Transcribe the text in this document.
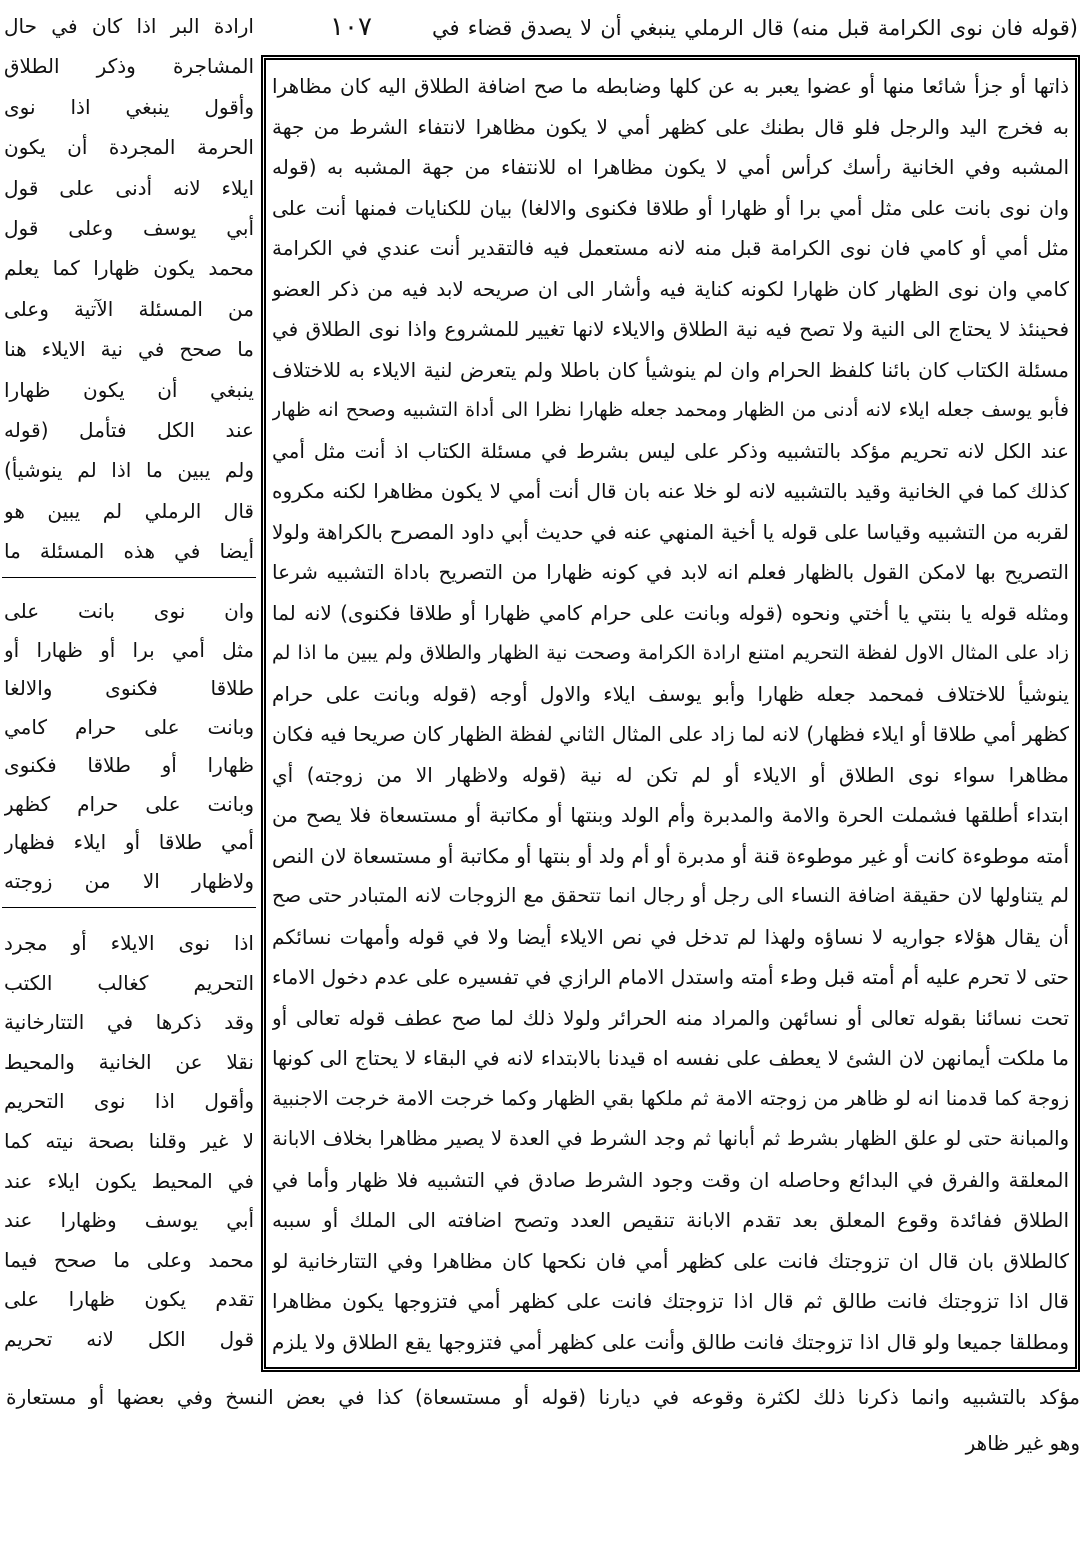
(قوله فان نوى الكرامة قبل منه) قال الرملي ينبغي أن لا يصدق قضاء في
١٠٧
ارادة البر اذا كان في حال
المشاجرة وذكر الطلاق
وأقول ينبغي اذا نوى
الحرمة المجردة أن يكون
ايلاء لانه أدنى على قول
أبي يوسف وعلى قول
محمد يكون ظهارا كما يعلم
من المسئلة الآتية وعلى
ما صحح في نية الايلاء هنا
ينبغي أن يكون ظهارا
عند الكل فتأمل (قوله
ولم يبين ما اذا لم ينوشيأ)
قال الرملي لم يبين هو
أيضا في هذه المسئلة ما
وان نوى بانت على
مثل أمي برا أو ظهارا أو
طلاقا فكنوى والالغا
وبانت على حرام كامي
ظهارا أو طلاقا فكنوى
وبانت على حرام كظهر
أمي طلاقا أو ايلاء فظهار
ولاظهار الا من زوجته
اذا نوى الايلاء أو مجرد
التحريم كغالب الكتب
وقد ذكرها في التتارخانية
نقلا عن الخانية والمحيط
وأقول اذا نوى التحريم
لا غير وقلنا بصحة نيته كما
في المحيط يكون ايلاء عند
أبي يوسف وظهارا عند
محمد وعلى ما صحح فيما
تقدم يكون ظهارا على
قول الكل لانه تحريم
ذاتها أو جزأ شائعا منها أو عضوا يعبر به عن كلها وضابطه ما صح اضافة الطلاق اليه كان مظاهرا
به فخرج اليد والرجل فلو قال بطنك على كظهر أمي لا يكون مظاهرا لانتفاء الشرط من جهة
المشبه وفي الخانية رأسك كرأس أمي لا يكون مظاهرا اه للانتفاء من جهة المشبه به (قوله
وان نوى بانت على مثل أمي برا أو ظهارا أو طلاقا فكنوى والالغا) بيان للكنايات فمنها أنت على
مثل أمي أو كامي فان نوى الكرامة قبل منه لانه مستعمل فيه فالتقدير أنت عندي في الكرامة
كامي وان نوى الظهار كان ظهارا لكونه كناية فيه وأشار الى ان صريحه لابد فيه من ذكر العضو
فحينئذ لا يحتاج الى النية ولا تصح فيه نية الطلاق والايلاء لانها تغيير للمشروع واذا نوى الطلاق في
مسئلة الكتاب كان بائنا كلفظ الحرام وان لم ينوشيأ كان باطلا ولم يتعرض لنية الايلاء به للاختلاف
فأبو يوسف جعله ايلاء لانه أدنى من الظهار ومحمد جعله ظهارا نظرا الى أداة التشبيه وصحح انه ظهار
عند الكل لانه تحريم مؤكد بالتشبيه وذكر على ليس بشرط في مسئلة الكتاب اذ أنت مثل أمي
كذلك كما في الخانية وقيد بالتشبيه لانه لو خلا عنه بان قال أنت أمي لا يكون مظاهرا لكنه مكروه
لقربه من التشبيه وقياسا على قوله يا أخية المنهي عنه في حديث أبي داود المصرح بالكراهة ولولا
التصريح بها لامكن القول بالظهار فعلم انه لابد في كونه ظهارا من التصريح باداة التشبيه شرعا
ومثله قوله يا بنتي يا أختي ونحوه (قوله وبانت على حرام كامي ظهارا أو طلاقا فكنوى) لانه لما
زاد على المثال الاول لفظة التحريم امتنع ارادة الكرامة وصحت نية الظهار والطلاق ولم يبين ما اذا لم
ينوشيأ للاختلاف فمحمد جعله ظهارا وأبو يوسف ايلاء والاول أوجه (قوله وبانت على حرام
كظهر أمي طلاقا أو ايلاء فظهار) لانه لما زاد على المثال الثاني لفظة الظهار كان صريحا فيه فكان
مظاهرا سواء نوى الطلاق أو الايلاء أو لم تكن له نية (قوله ولاظهار الا من زوجته) أي
ابتداء أطلقها فشملت الحرة والامة والمدبرة وأم الولد وبنتها أو مكاتبة أو مستسعاة فلا يصح من
أمته موطوءة كانت أو غير موطوءة قنة أو مدبرة أو أم ولد أو بنتها أو مكاتبة أو مستسعاة لان النص
لم يتناولها لان حقيقة اضافة النساء الى رجل أو رجال انما تتحقق مع الزوجات لانه المتبادر حتى صح
أن يقال هؤلاء جواريه لا نساؤه ولهذا لم تدخل في نص الايلاء أيضا ولا في قوله وأمهات نسائكم
حتى لا تحرم عليه أم أمته قبل وطء أمته واستدل الامام الرازي في تفسيره على عدم دخول الاماء
تحت نسائنا بقوله تعالى أو نسائهن والمراد منه الحرائر ولولا ذلك لما صح عطف قوله تعالى أو
ما ملكت أيمانهن لان الشئ لا يعطف على نفسه اه قيدنا بالابتداء لانه في البقاء لا يحتاج الى كونها
زوجة كما قدمنا انه لو ظاهر من زوجته الامة ثم ملكها بقي الظهار وكما خرجت الامة خرجت الاجنبية
والمبانة حتى لو علق الظهار بشرط ثم أبانها ثم وجد الشرط في العدة لا يصير مظاهرا بخلاف الابانة
المعلقة والفرق في البدائع وحاصله ان وقت وجود الشرط صادق في التشبيه فلا ظهار وأما في
الطلاق ففائدة وقوع المعلق بعد تقدم الابانة تنقيص العدد وتصح اضافته الى الملك أو سببه
كالطلاق بان قال ان تزوجتك فانت على كظهر أمي فان نكحها كان مظاهرا وفي التتارخانية لو
قال اذا تزوجتك فانت طالق ثم قال اذا تزوجتك فانت على كظهر أمي فتزوجها يكون مظاهرا
ومطلقا جميعا ولو قال اذا تزوجتك فانت طالق وأنت على كظهر أمي فتزوجها يقع الطلاق ولا يلزم
مؤكد بالتشبيه وانما ذكرنا ذلك لكثرة وقوعه في ديارنا (قوله أو مستسعاة) كذا في بعض النسخ وفي بعضها أو مستعارة
وهو غير ظاهر
